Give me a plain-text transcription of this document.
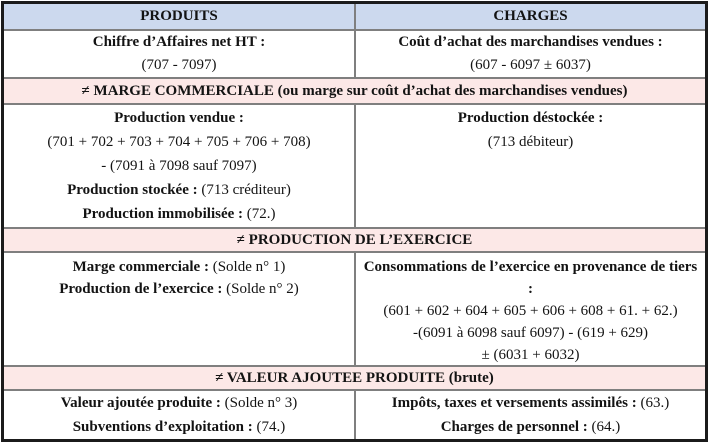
PRODUITS	CHARGES
Chiffre d’Affaires net HT :
(707 - 7097)
Coût d’achat des marchandises vendues :
(607 - 6097 ± 6037)
≠ MARGE COMMERCIALE (ou marge sur coût d’achat des marchandises vendues)
Production vendue :
(701 + 702 + 703 + 704 + 705 + 706 + 708)
- (7091 à 7098 sauf 7097)
Production stockée : (713 créditeur)
Production immobilisée : (72.)
Production déstockée :
(713 débiteur)
≠ PRODUCTION DE L’EXERCICE
Marge commerciale : (Solde n° 1)
Production de l’exercice : (Solde n° 2)
Consommations de l’exercice en provenance de tiers :
(601 + 602 + 604 + 605 + 606 + 608 + 61. + 62.)
-(6091 à 6098 sauf 6097) - (619 + 629)
± (6031 + 6032)
≠ VALEUR AJOUTEE PRODUITE (brute)
Valeur ajoutée produite : (Solde n° 3)
Subventions d’exploitation : (74.)
Impôts, taxes et versements assimilés : (63.)
Charges de personnel : (64.)
